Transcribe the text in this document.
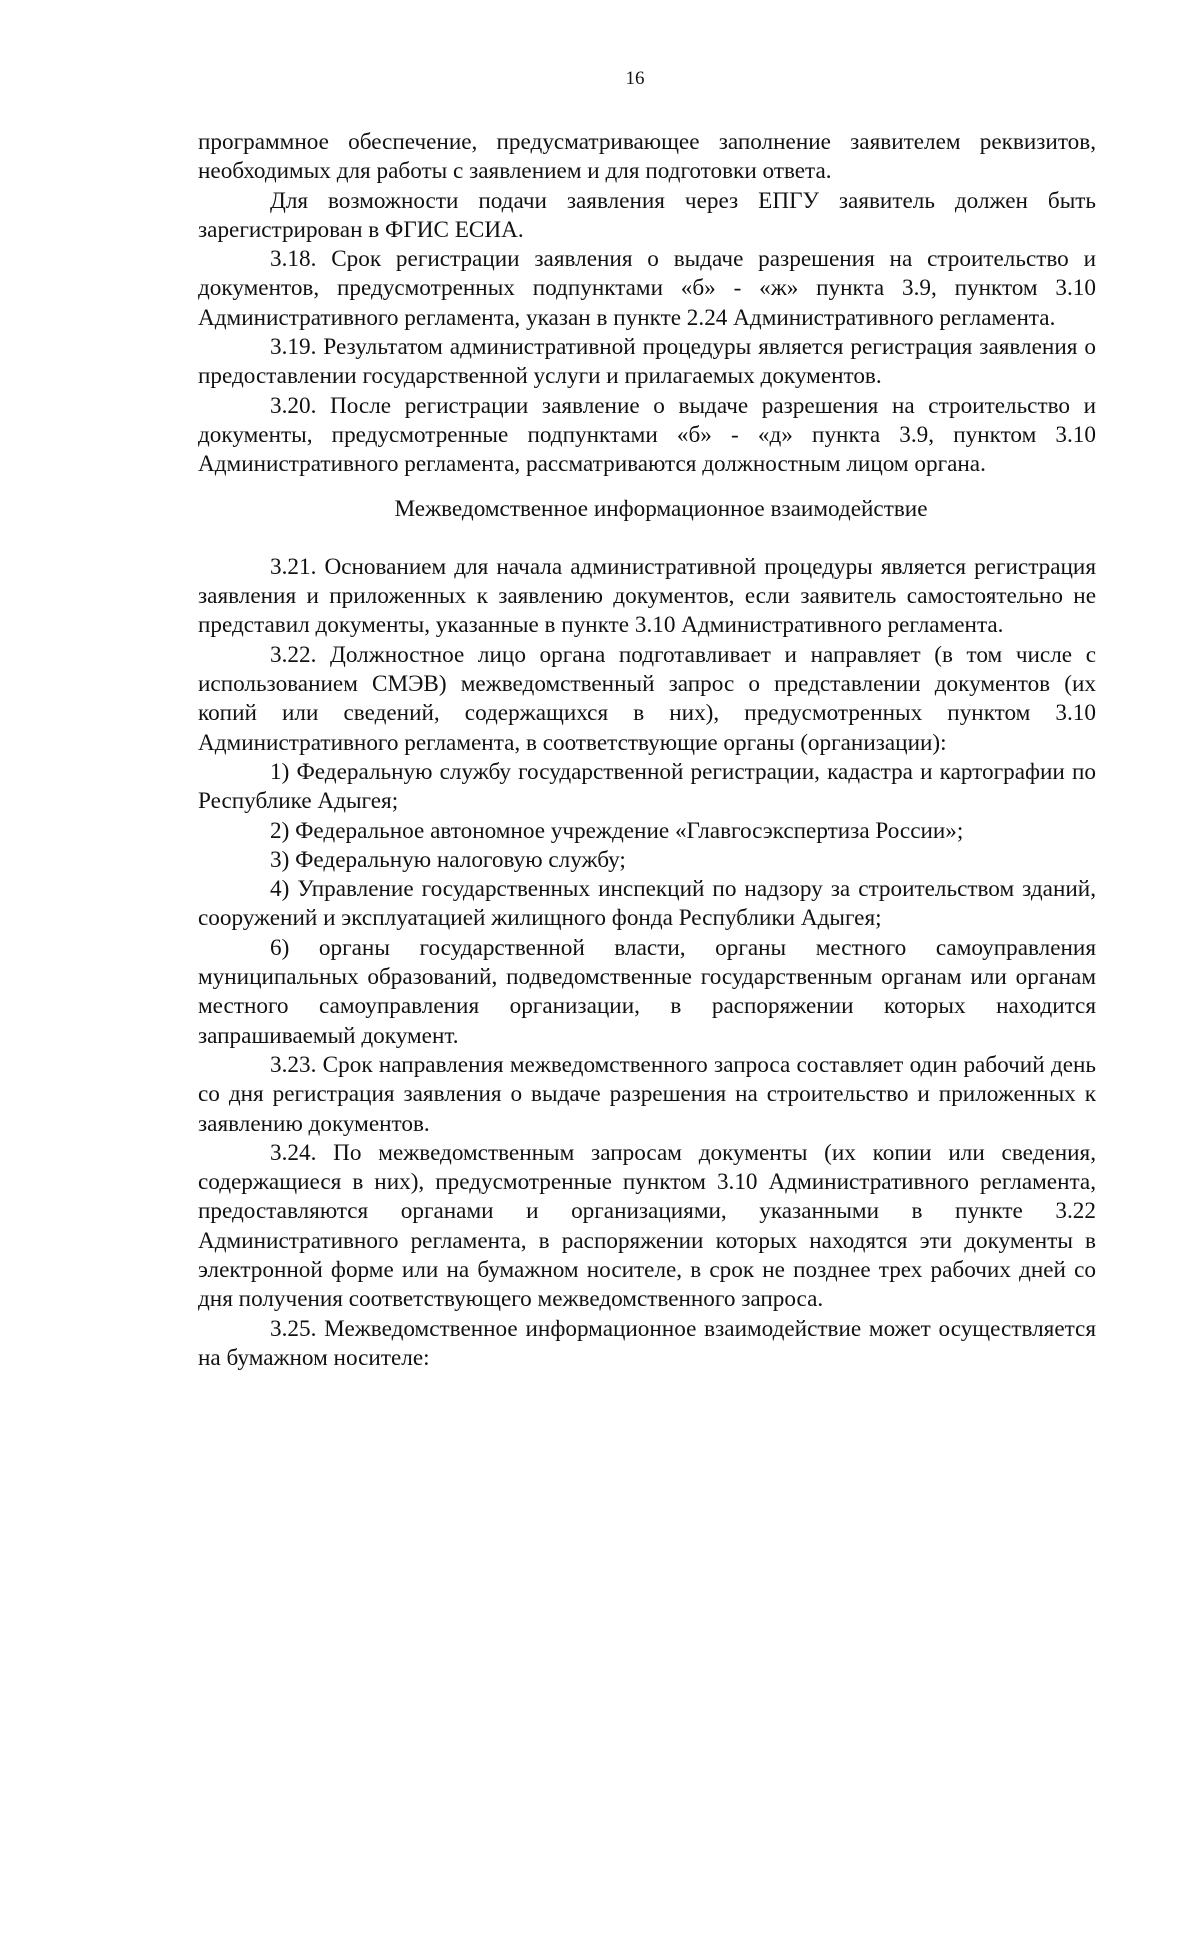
16

программное обеспечение, предусматривающее заполнение заявителем реквизитов, необходимых для работы с заявлением и для подготовки ответа.

Для возможности подачи заявления через ЕПГУ заявитель должен быть зарегистрирован в ФГИС ЕСИА.

3.18. Срок регистрации заявления о выдаче разрешения на строительство и документов, предусмотренных подпунктами «б» - «ж» пункта 3.9, пунктом 3.10 Административного регламента, указан в пункте 2.24 Административного регламента.

3.19. Результатом административной процедуры является регистрация заявления о предоставлении государственной услуги и прилагаемых документов.

3.20. После регистрации заявление о выдаче разрешения на строительство и документы, предусмотренные подпунктами «б» - «д» пункта 3.9, пунктом 3.10 Административного регламента, рассматриваются должностным лицом органа.

Межведомственное информационное взаимодействие

3.21. Основанием для начала административной процедуры является регистрация заявления и приложенных к заявлению документов, если заявитель самостоятельно не представил документы, указанные в пункте 3.10 Административного регламента.

3.22. Должностное лицо органа подготавливает и направляет (в том числе с использованием СМЭВ) межведомственный запрос о представлении документов (их копий или сведений, содержащихся в них), предусмотренных пунктом 3.10 Административного регламента, в соответствующие органы (организации):

1) Федеральную службу государственной регистрации, кадастра и картографии по Республике Адыгея;

2) Федеральное автономное учреждение «Главгосэкспертиза России»;

3) Федеральную налоговую службу;

4) Управление государственных инспекций по надзору за строительством зданий, сооружений и эксплуатацией жилищного фонда Республики Адыгея;

6) органы государственной власти, органы местного самоуправления муниципальных образований, подведомственные государственным органам или органам местного самоуправления организации, в распоряжении которых находится запрашиваемый документ.

3.23. Срок направления межведомственного запроса составляет один рабочий день со дня регистрация заявления о выдаче разрешения на строительство и приложенных к заявлению документов.

3.24. По межведомственным запросам документы (их копии или сведения, содержащиеся в них), предусмотренные пунктом 3.10 Административного регламента, предоставляются органами и организациями, указанными в пункте 3.22 Административного регламента, в распоряжении которых находятся эти документы в электронной форме или на бумажном носителе, в срок не позднее трех рабочих дней со дня получения соответствующего межведомственного запроса.

3.25. Межведомственное информационное взаимодействие может осуществляется на бумажном носителе:
